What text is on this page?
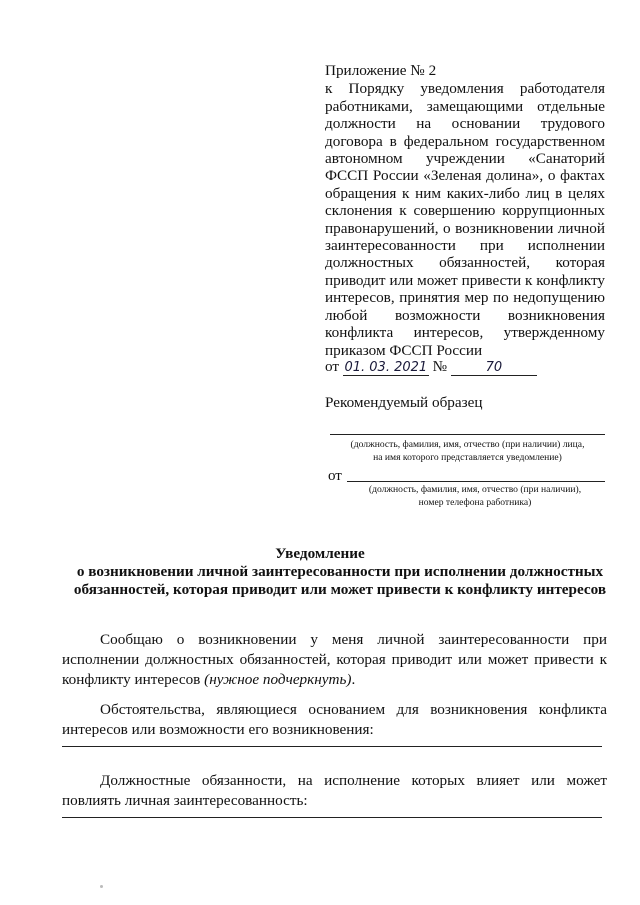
Приложение № 2

к Порядку уведомления работодателя работниками, замещающими отдельные должности на основании трудового договора в федеральном государственном автономном учреждении «Санаторий ФССП России «Зеленая долина», о фактах обращения к ним каких-либо лиц в целях склонения к совершению коррупционных правонарушений, о возникновении личной заинтересованности при исполнении должностных обязанностей, которая приводит или может привести к конфликту интересов, принятия мер по недопущению любой возможности возникновения конфликта интересов, утвержденному приказом ФССП России

от 01. 03. 2021 №	70
Рекомендуемый образец
(должность, фамилия, имя, отчество (при наличии) лица,
на имя которого представляется уведомление)
от
(должность, фамилия, имя, отчество (при наличии),
номер телефона работника)
Уведомление
о возникновении личной заинтересованности при исполнении должностных обязанностей, которая приводит или может привести к конфликту интересов

Сообщаю о возникновении у меня личной заинтересованности при исполнении должностных обязанностей, которая приводит или может привести к конфликту интересов (нужное подчеркнуть).

Обстоятельства, являющиеся основанием для возникновения конфликта интересов или возможности его возникновения:

Должностные обязанности, на исполнение которых влияет или может повлиять личная заинтересованность:
